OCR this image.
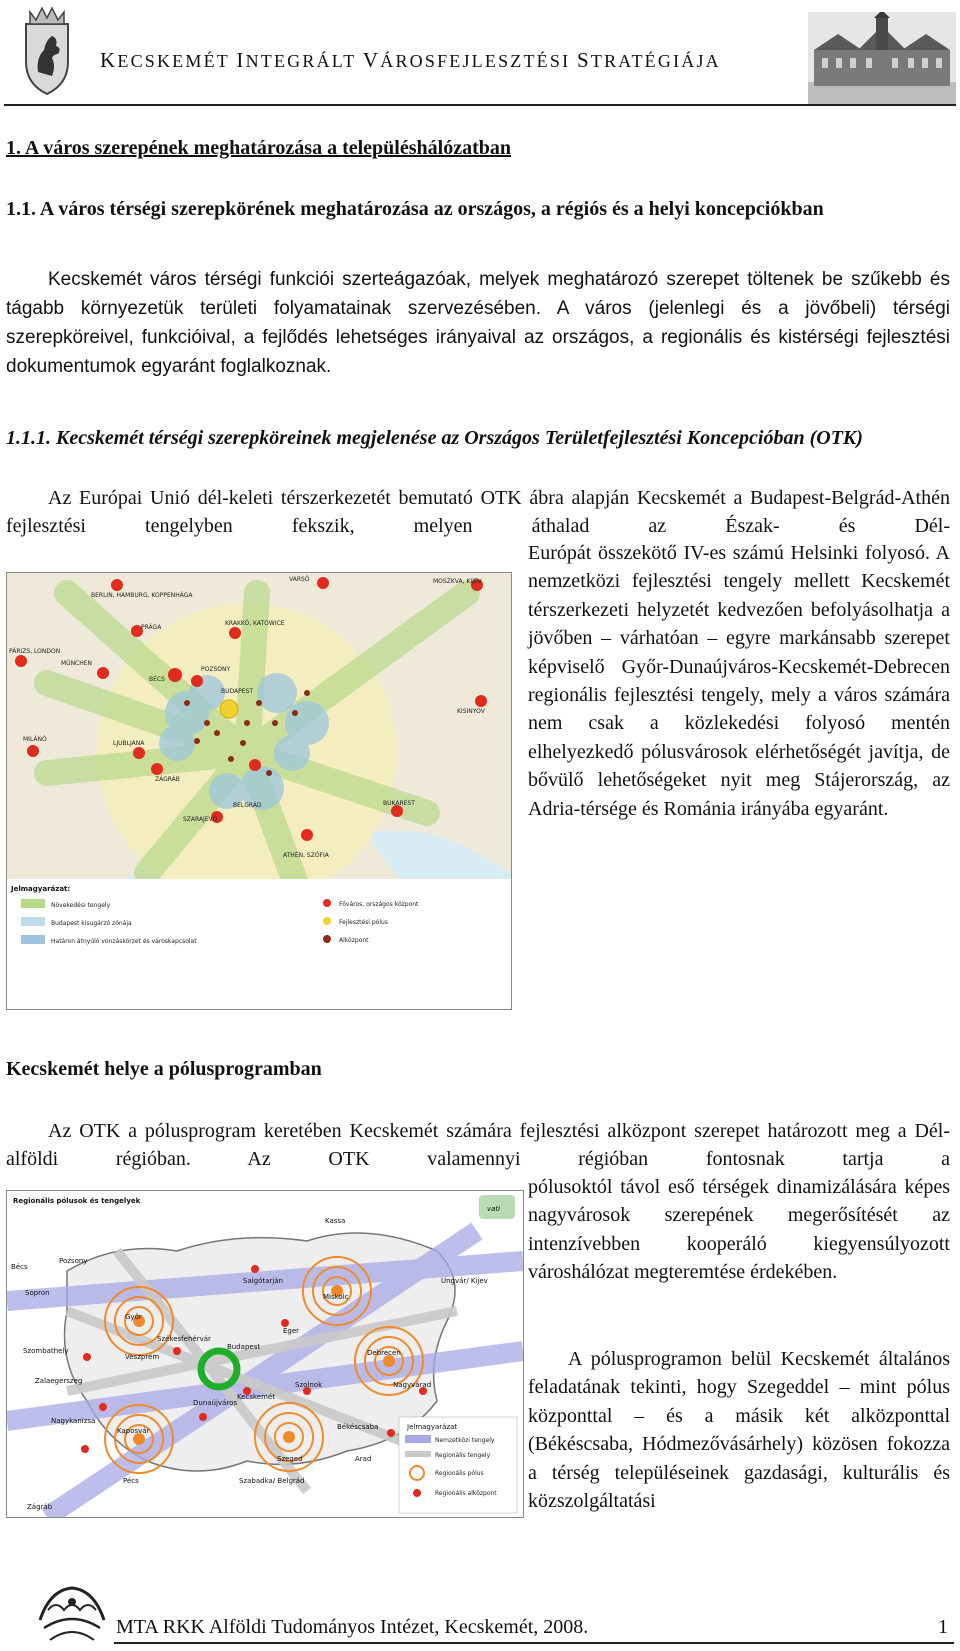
KECSKEMÉT INTEGRÁLT VÁROSFEJLESZTÉSI STRATÉGIÁJA
1. A város szerepének meghatározása a településhálózatban
1.1. A város térségi szerepkörének meghatározása az országos, a régiós és a helyi koncepciókban
Kecskemét város térségi funkciói szerteágazóak, melyek meghatározó szerepet töltenek be szűkebb és tágabb környezetük területi folyamatainak szervezésében. A város (jelenlegi és a jövőbeli) térségi szerepköreivel, funkcióival, a fejlődés lehetséges irányaival az országos, a regionális és kistérségi fejlesztési dokumentumok egyaránt foglalkoznak.
1.1.1. Kecskemét térségi szerepköreinek megjelenése az Országos Területfejlesztési Koncepcióban (OTK)
Az Európai Unió dél-keleti térszerkezetét bemutató OTK ábra alapján Kecskemét a Budapest-Belgrád-Athén fejlesztési tengelyben fekszik, melyen áthalad az Észak- és Dél-
Európát összekötő IV-es számú Helsinki folyosó. A nemzetközi fejlesztési tengely mellett Kecskemét térszerkezeti helyzetét kedvezően befolyásolhatja a jövőben – várhatóan – egyre markánsabb szerepet képviselő Győr-Dunaújváros-Kecskemét-Debrecen regionális fejlesztési tengely, mely a város számára nem csak a közlekedési folyosó mentén elhelyezkedő pólusvárosok elérhetőségét javítja, de bővülő lehetőségeket nyit meg Stájerország, az Adria-térsége és Románia irányába egyaránt.
BERLIN, HAMBURG, KOPPENHÁGA
VARSÓ	MOSZKVA, KIJEV
PRÁGA
KRAKKÓ, KATOWICE
PÁRIZS, LONDON
MÜNCHEN
BÉCS
POZSONY
BUDAPEST
KISINYOV
MILÁNÓ
LJUBLJANA
ZÁGRÁB
BELGRÁD
SZARAJEVÓ
BUKAREST
ATHÉN, SZÓFIA
Jelmagyarázat:
Növekedési tengely
Budapest kisugárzó zónája
Határon átnyúló vonzáskörzet és városkapcsolat
Főváros, országos központ
Fejlesztési pólus
Alközpont
Kecskemét helye a pólusprogramban
Az OTK a pólusprogram keretében Kecskemét számára fejlesztési alközpont szerepet határozott meg a Dél-alföldi régióban. Az OTK	valamennyi régióban fontosnak tartja a
pólusoktól távol eső térségek dinamizálására képes nagyvárosok szerepének megerősítését az intenzívebben kooperáló kiegyensúlyozott városhálózat megteremtése érdekében.
A pólusprogramon belül Kecskemét általános feladatának tekinti, hogy Szegeddel – mint pólus központtal – és a másik két alközponttal (Békéscsaba, Hódmezővásárhely) közösen fokozza a térség településeinek gazdasági, kulturális és közszolgáltatási
Regionális pólusok és tengelyek
vati
Bécs
Pozsony
Kassa
Salgótarján
Miskolc
Ungvár/ Kijev
Sopron
Győr
Eger
Székesfehérvár
Debrecen
Szombathely
Veszprém
Budapest
Nagyvárad
Zalaegerszeg	Szolnok
Dunaújváros
Nagykanizsa
Kaposvár
Kecskemét
Békéscsaba
Pécs
Szeged	Arad
Szabadka/ Belgrád
Zágráb
Jelmagyarázat
Nemzetközi tengely
Regionális tengely
Regionális pólus
Regionális alközpont
MTA RKK Alföldi Tudományos Intézet, Kecskemét, 2008.	1
